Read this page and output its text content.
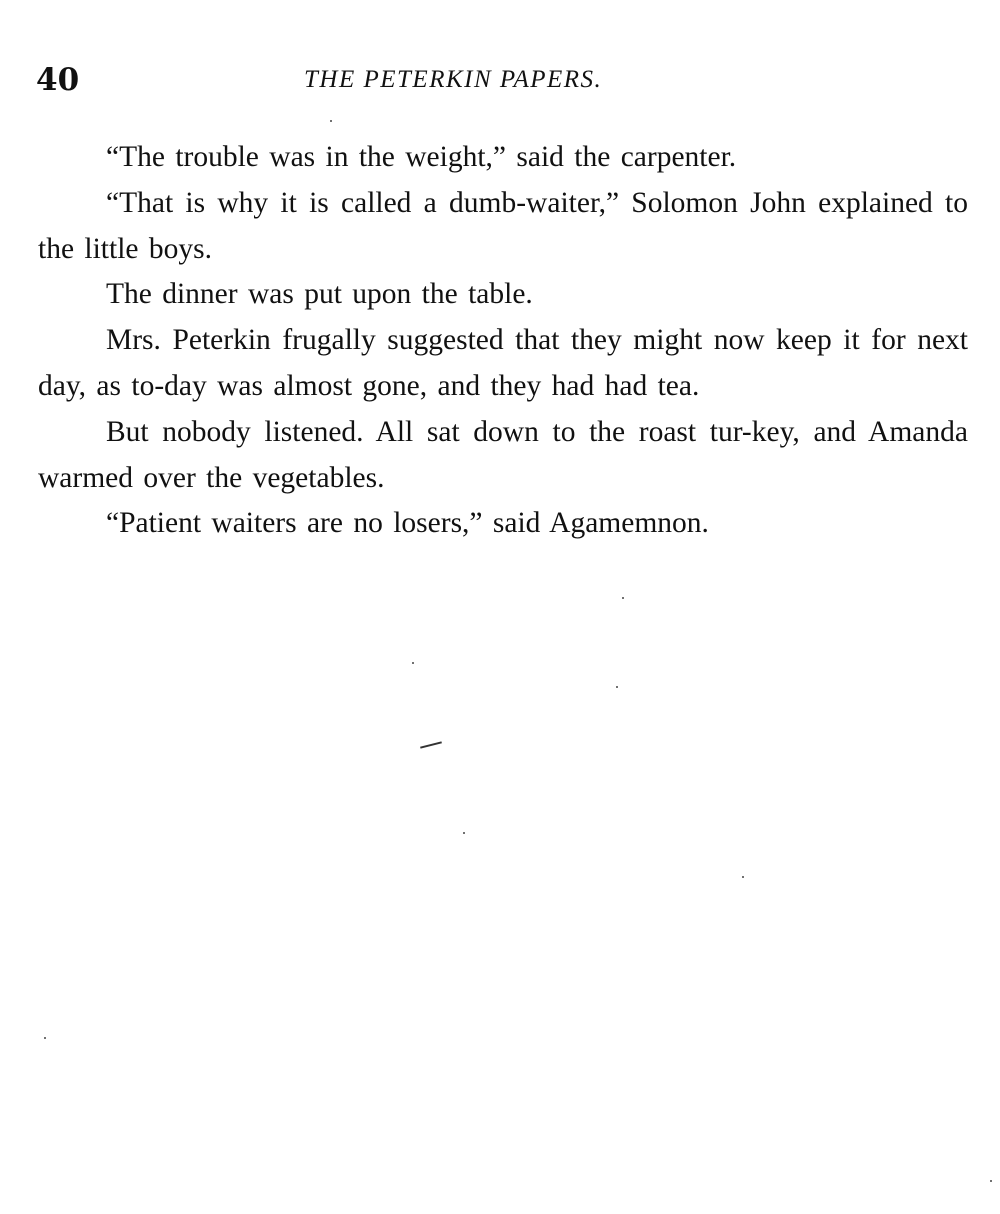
40	THE PETERKIN PAPERS.

“The trouble was in the weight,” said the carpenter.

“That is why it is called a dumb-waiter,” Solomon John explained to the little boys.

The dinner was put upon the table.

Mrs. Peterkin frugally suggested that they might now keep it for next day, as to-day was almost gone, and they had had tea.

But nobody listened. All sat down to the roast tur-key, and Amanda warmed over the vegetables.

“Patient waiters are no losers,” said Agamemnon.
